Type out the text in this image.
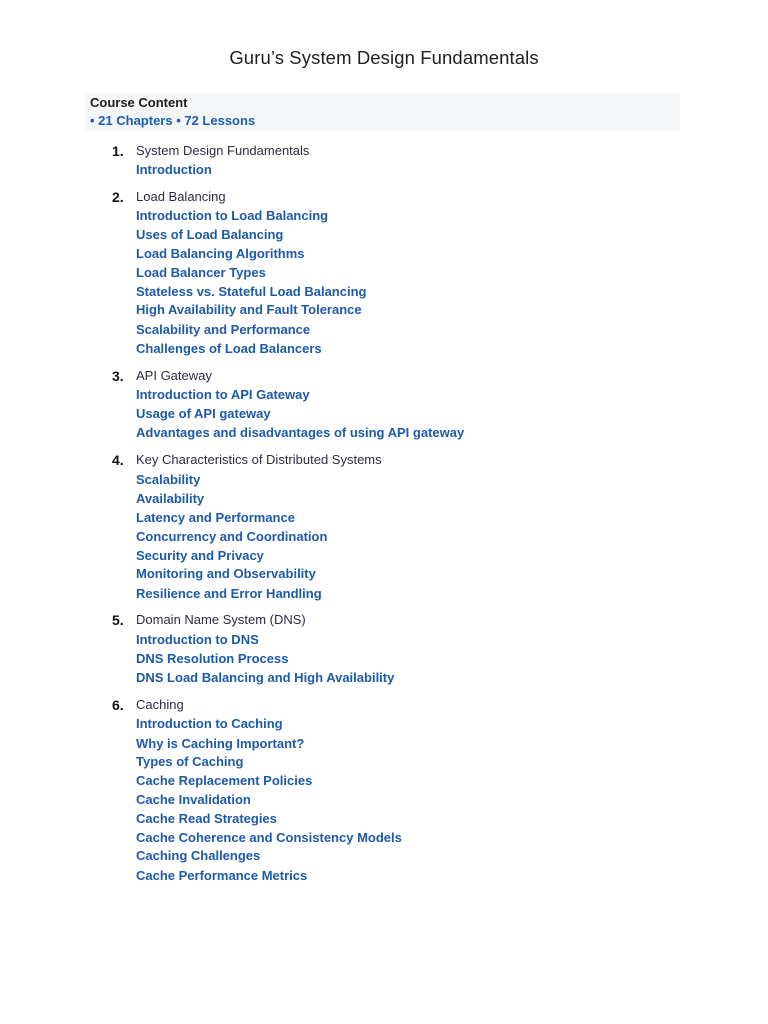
Guru’s System Design Fundamentals
Course Content
• 21 Chapters • 72 Lessons
1. System Design Fundamentals
Introduction
2. Load Balancing
Introduction to Load Balancing
Uses of Load Balancing
Load Balancing Algorithms
Load Balancer Types
Stateless vs. Stateful Load Balancing
High Availability and Fault Tolerance
Scalability and Performance
Challenges of Load Balancers
3. API Gateway
Introduction to API Gateway
Usage of API gateway
Advantages and disadvantages of using API gateway
4. Key Characteristics of Distributed Systems
Scalability
Availability
Latency and Performance
Concurrency and Coordination
Security and Privacy
Monitoring and Observability
Resilience and Error Handling
5. Domain Name System (DNS)
Introduction to DNS
DNS Resolution Process
DNS Load Balancing and High Availability
6. Caching
Introduction to Caching
Why is Caching Important?
Types of Caching
Cache Replacement Policies
Cache Invalidation
Cache Read Strategies
Cache Coherence and Consistency Models
Caching Challenges
Cache Performance Metrics
